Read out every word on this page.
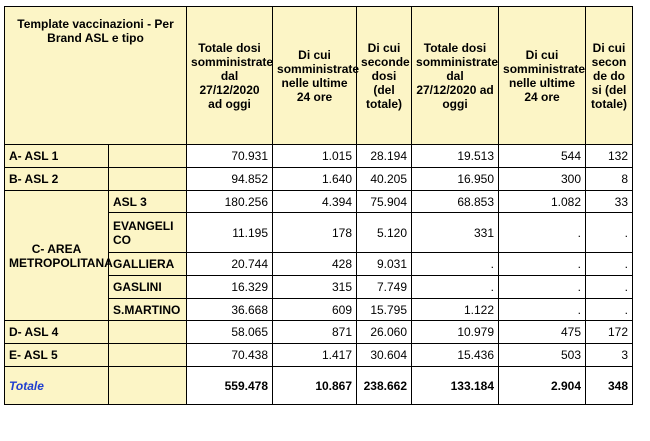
Template vaccinazioni - Per Brand ASL e tipo		Totale dosi somministrate dal 27/12/2020 ad oggi	Di cui somministrate nelle ultime 24 ore	Di cui seconde dosi (del totale)	Totale dosi somministrate dal 27/12/2020 ad oggi	Di cui somministrate nelle ultime 24 ore	Di cui seconde dosi (del totale)
A- ASL 1		70.931	1.015	28.194	19.513	544	132
B- ASL 2		94.852	1.640	40.205	16.950	300	8
C- AREA METROPOLITANA	ASL 3	180.256	4.394	75.904	68.853	1.082	33
	EVANGELICO	11.195	178	5.120	331	.	.
	GALLIERA	20.744	428	9.031	.	.	.
	GASLINI	16.329	315	7.749	.	.	.
	S.MARTINO	36.668	609	15.795	1.122	.	.
D- ASL 4		58.065	871	26.060	10.979	475	172
E- ASL 5		70.438	1.417	30.604	15.436	503	3
Totale		559.478	10.867	238.662	133.184	2.904	348
